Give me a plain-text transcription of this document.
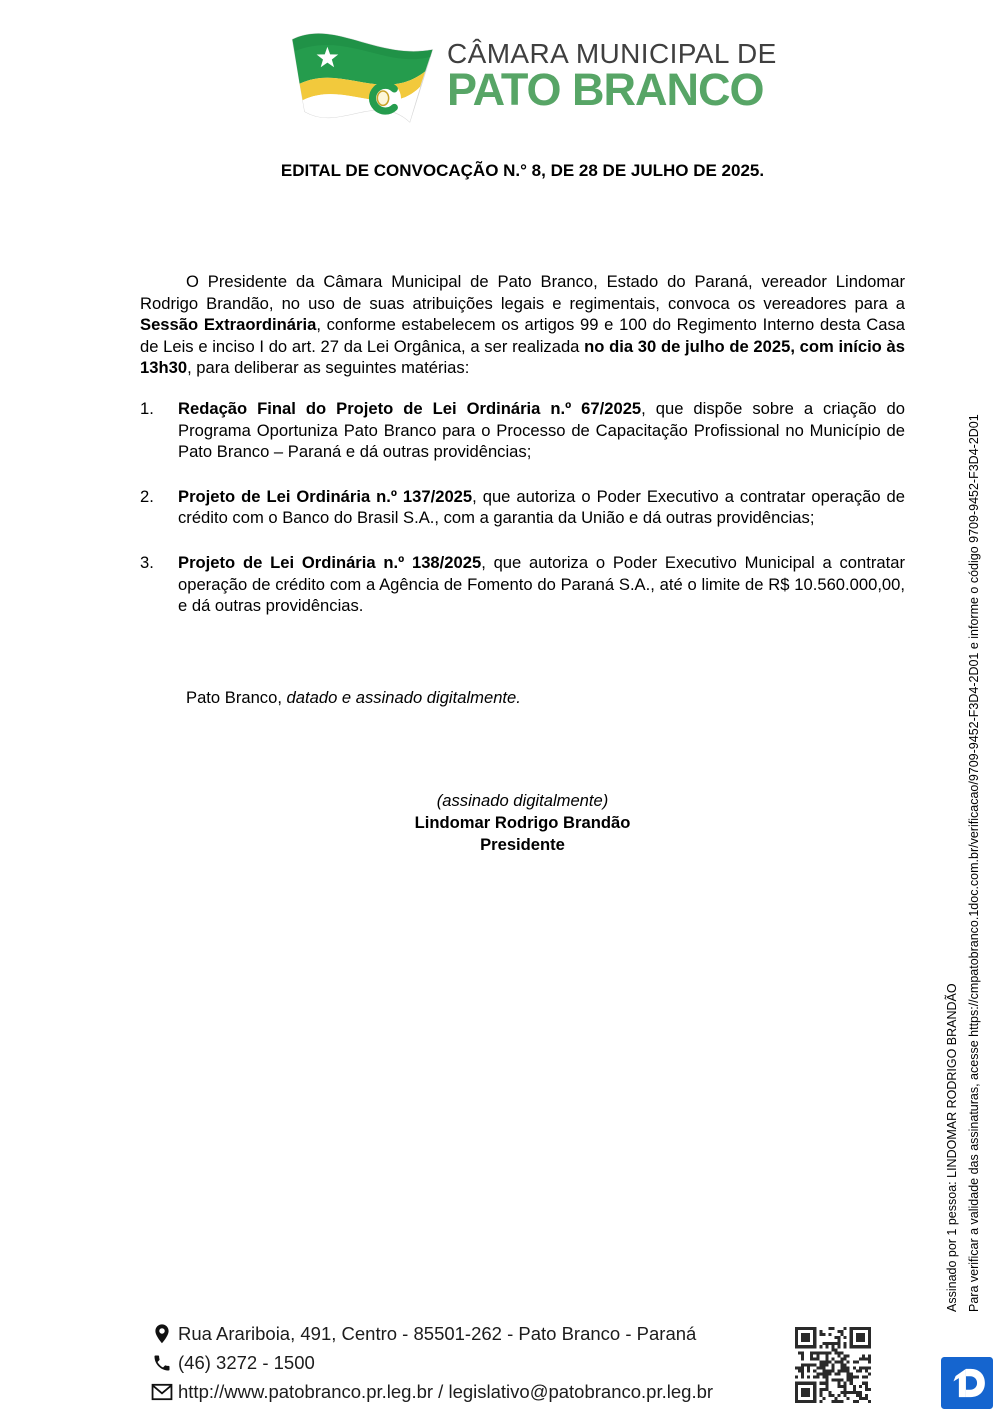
CÂMARA MUNICIPAL DE
PATO BRANCO
EDITAL DE CONVOCAÇÃO N.° 8, DE 28 DE JULHO DE 2025.

O Presidente da Câmara Municipal de Pato Branco, Estado do Paraná, vereador Lindomar Rodrigo Brandão, no uso de suas atribuições legais e regimentais, convoca os vereadores para a Sessão Extraordinária, conforme estabelecem os artigos 99 e 100 do Regimento Interno desta Casa de Leis e inciso I do art. 27 da Lei Orgânica, a ser realizada no dia 30 de julho de 2025, com início às 13h30, para deliberar as seguintes matérias:

1.	Redação Final do Projeto de Lei Ordinária n.º 67/2025, que dispõe sobre a criação do Programa Oportuniza Pato Branco para o Processo de Capacitação Profissional no Município de Pato Branco – Paraná e dá outras providências;
2.	Projeto de Lei Ordinária n.º 137/2025, que autoriza o Poder Executivo a contratar operação de crédito com o Banco do Brasil S.A., com a garantia da União e dá outras providências;
3.	Projeto de Lei Ordinária n.º 138/2025, que autoriza o Poder Executivo Municipal a contratar operação de crédito com a Agência de Fomento do Paraná S.A., até o limite de R$ 10.560.000,00, e dá outras providências.

Pato Branco, datado e assinado digitalmente.

(assinado digitalmente)
Lindomar Rodrigo Brandão
Presidente
Rua Arariboia, 491, Centro - 85501-262 - Pato Branco - Paraná
(46) 3272 - 1500
http://www.patobranco.pr.leg.br / legislativo@patobranco.pr.leg.br
Assinado por 1 pessoa: LINDOMAR RODRIGO BRANDÃO Para verificar a validade das assinaturas, acesse https://cmpatobranco.1doc.com.br/verificacao/9709-9452-F3D4-2D01 e informe o código 9709-9452-F3D4-2D01
